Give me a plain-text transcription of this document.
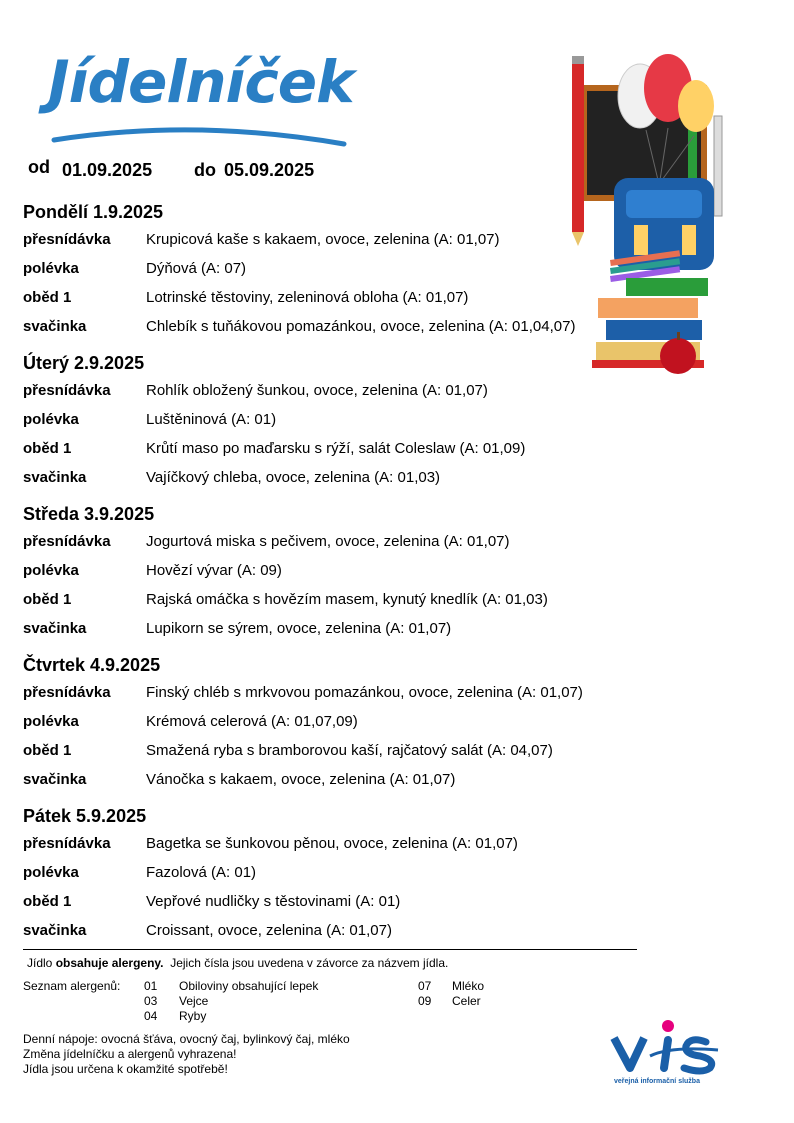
Jídelníček
od 01.09.2025 do 05.09.2025
Pondělí 1.9.2025
přesnídávka Krupicová kaše s kakaem, ovoce, zelenina (A: 01,07)
polévka	Dýňová (A: 07)
oběd 1	Lotrinské těstoviny, zeleninová obloha (A: 01,07)
svačinka	Chlebík s tuňákovou pomazánkou, ovoce, zelenina (A: 01,04,07)
Úterý 2.9.2025
přesnídávka Rohlík obložený šunkou, ovoce, zelenina (A: 01,07)
polévka	Luštěninová (A: 01)
oběd 1	Krůtí maso po maďarsku s rýží, salát Coleslaw (A: 01,09)
svačinka	Vajíčkový chleba, ovoce, zelenina (A: 01,03)
Středa 3.9.2025
přesnídávka Jogurtová miska s pečivem, ovoce, zelenina (A: 01,07)
polévka	Hovězí vývar (A: 09)
oběd 1	Rajská omáčka s hovězím masem, kynutý knedlík (A: 01,03)
svačinka	Lupikorn se sýrem, ovoce, zelenina (A: 01,07)
Čtvrtek 4.9.2025
přesnídávka Finský chléb s mrkvovou pomazánkou, ovoce, zelenina (A: 01,07)
polévka	Krémová celerová (A: 01,07,09)
oběd 1	Smažená ryba s bramborovou kaší, rajčatový salát (A: 04,07)
svačinka	Vánočka s kakaem, ovoce, zelenina (A: 01,07)
Pátek 5.9.2025
přesnídávka Bagetka se šunkovou pěnou, ovoce, zelenina (A: 01,07)
polévka	Fazolová (A: 01)
oběd 1	Vepřové nudličky s těstovinami (A: 01)
svačinka	Croissant, ovoce, zelenina (A: 01,07)
Jídlo obsahuje alergeny. Jejich čísla jsou uvedena v závorce za názvem jídla.
Seznam alergenů: 01 Obiloviny obsahující lepek
03 Vejce
04 Ryby
07 Mléko
09 Celer
Denní nápoje: ovocná šťáva, ovocný čaj, bylinkový čaj, mléko
Změna jídelníčku a alergenů vyhrazena!
Jídla jsou určena k okamžité spotřebě!
veřejná informační služba
